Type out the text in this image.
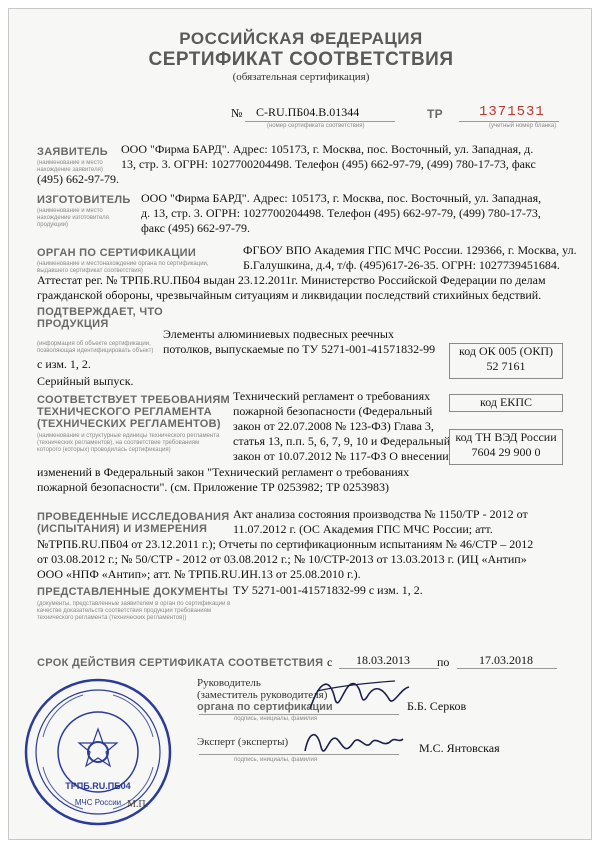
РОССИЙСКАЯ ФЕДЕРАЦИЯ
СЕРТИФИКАТ СООТВЕТСТВИЯ
(обязательная сертификация)
№ C-RU.ПБ04.B.01344
(номер сертификата соответствия)
ТР	1371531
(учетный номер бланка)
ЗАЯВИТЕЛЬ
(наименование и место нахождение заявителя)
ООО "Фирма БАРД". Адрес: 105173, г. Москва, пос. Восточный, ул. Западная, д.
13, стр. 3. ОГРН: 1027700204498. Телефон (495) 662-97-79, (499) 780-17-73, факс
(495) 662-97-79.
ИЗГОТОВИТЕЛЬ
(наименование и место нахождение изготовителя продукции)
ООО "Фирма БАРД". Адрес: 105173, г. Москва, пос. Восточный, ул. Западная,
д. 13, стр. 3. ОГРН: 1027700204498. Телефон (495) 662-97-79, (499) 780-17-73,
факс (495) 662-97-79.
ОРГАН ПО СЕРТИФИКАЦИИ
(наименование и местонахождение органа по сертификации, выдавшего сертификат соответствия)
ФГБОУ ВПО Академия ГПС МЧС России. 129366, г. Москва, ул.
Б.Галушкина, д.4, т/ф. (495)617-26-35. ОГРН: 1027739451684.
Аттестат рег. № ТРПБ.RU.ПБ04 выдан 23.12.2011г. Министерство Российской Федерации по делам
гражданской обороны, чрезвычайным ситуациям и ликвидации последствий стихийных бедствий.
ПОДТВЕРЖДАЕТ, ЧТО
ПРОДУКЦИЯ
(информация об объекте сертификации, позволяющая идентифицировать объект)
Элементы алюминиевых подвесных реечных
потолков, выпускаемые по ТУ 5271-001-41571832-99
с изм. 1, 2.
Серийный выпуск.
код ОК 005 (ОКП)
52 7161
СООТВЕТСТВУЕТ ТРЕБОВАНИЯМ
ТЕХНИЧЕСКОГО РЕГЛАМЕНТА
(ТЕХНИЧЕСКИХ РЕГЛАМЕНТОВ)
(наименование и структурные единицы технического регламента (технических регламентов), на соответствие требованиям которого (которых) проводилась сертификация)
Технический регламент о требованиях
пожарной безопасности (Федеральный
закон от 22.07.2008 № 123-ФЗ) Глава 3,
статья 13, п.п. 5, 6, 7, 9, 10 и Федеральный
закон от 10.07.2012 № 117-ФЗ О внесении
изменений в Федеральный закон "Технический регламент о требованиях
пожарной безопасности". (см. Приложение ТР 0253982; ТР 0253983)
код ЕКПС
код ТН ВЭД России
7604 29 900 0
ПРОВЕДЕННЫЕ ИССЛЕДОВАНИЯ
(ИСПЫТАНИЯ) И ИЗМЕРЕНИЯ
Акт анализа состояния производства № 1150/ТР - 2012 от
11.07.2012 г. (ОС Академия ГПС МЧС России; атт.
№ТРПБ.RU.ПБ04 от 23.12.2011 г.); Отчеты по сертификационным испытаниям № 46/СТР – 2012
от 03.08.2012 г.; № 50/СТР - 2012 от 03.08.2012 г.; № 10/СТР-2013 от 13.03.2013 г. (ИЦ «Антип»
ООО «НПФ «Антип»; атт. № ТРПБ.RU.ИН.13 от 25.08.2010 г.).
ПРЕДСТАВЛЕННЫЕ ДОКУМЕНТЫ
(документы, представленные заявителем в орган по сертификации в качестве доказательств соответствия продукции требованиям технического регламента (технических регламентов))
ТУ 5271-001-41571832-99 с изм. 1, 2.
СРОК ДЕЙСТВИЯ СЕРТИФИКАТА СООТВЕТСТВИЯ с 18.03.2013 по 17.03.2018
Руководитель
(заместитель руководителя)
органа по сертификации
подпись, инициалы, фамилия
Б.Б. Серков
Эксперт (эксперты)
подпись, инициалы, фамилия
М.С. Янтовская
ТРПБ.RU.ПБ04
МЧС России М.П.
